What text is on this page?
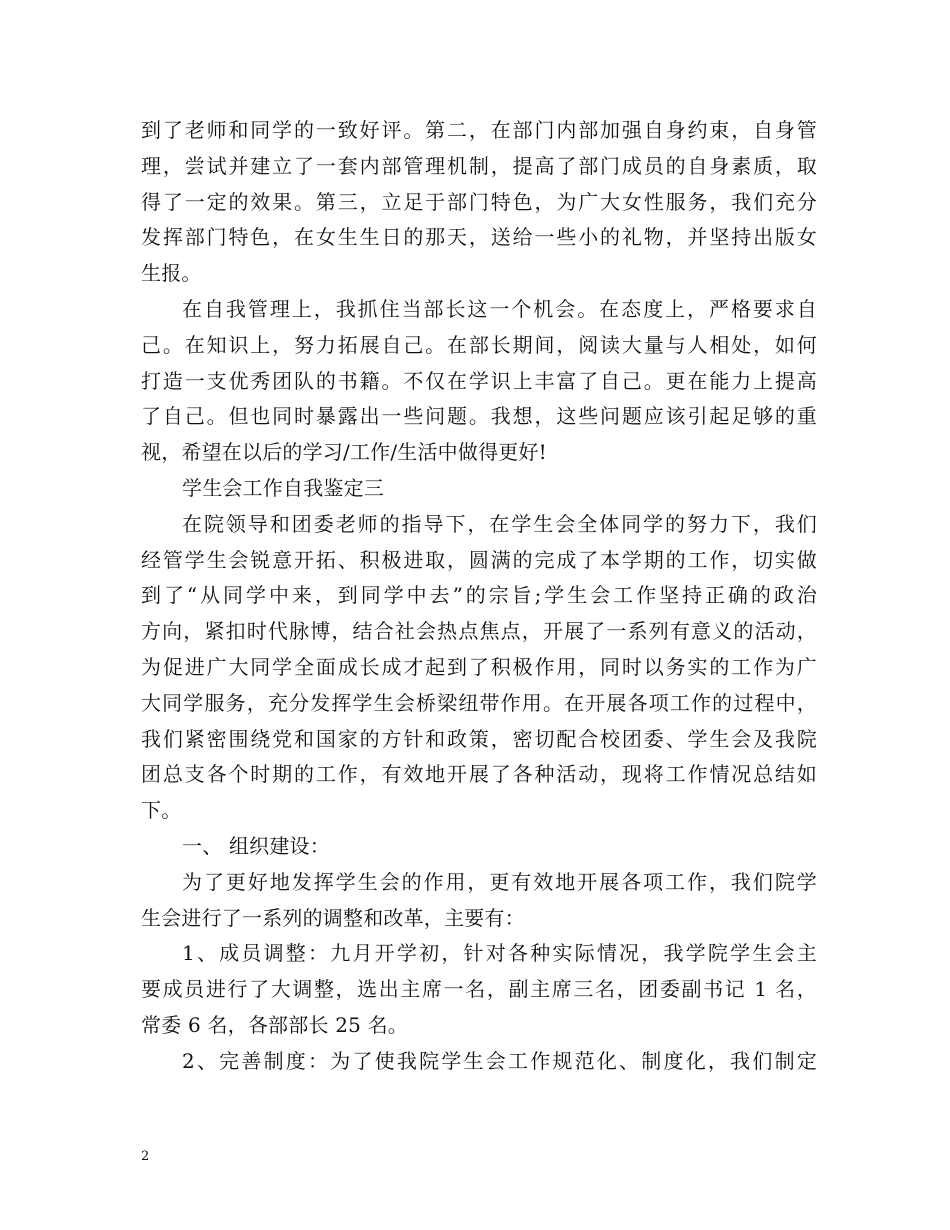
到了老师和同学的一致好评。第二，在部门内部加强自身约束，自身管
理，尝试并建立了一套内部管理机制，提高了部门成员的自身素质，取
得了一定的效果。第三，立足于部门特色，为广大女性服务，我们充分
发挥部门特色，在女生生日的那天，送给一些小的礼物，并坚持出版女
生报。
在自我管理上，我抓住当部长这一个机会。在态度上，严格要求自
己。在知识上，努力拓展自己。在部长期间，阅读大量与人相处，如何
打造一支优秀团队的书籍。不仅在学识上丰富了自己。更在能力上提高
了自己。但也同时暴露出一些问题。我想，这些问题应该引起足够的重
视，希望在以后的学习/工作/生活中做得更好!
学生会工作自我鉴定三
在院领导和团委老师的指导下，在学生会全体同学的努力下，我们
经管学生会锐意开拓、积极进取，圆满的完成了本学期的工作，切实做
到了“从同学中来，到同学中去”的宗旨;学生会工作坚持正确的政治
方向，紧扣时代脉博，结合社会热点焦点，开展了一系列有意义的活动，
为促进广大同学全面成长成才起到了积极作用，同时以务实的工作为广
大同学服务，充分发挥学生会桥梁纽带作用。在开展各项工作的过程中，
我们紧密围绕党和国家的方针和政策，密切配合校团委、学生会及我院
团总支各个时期的工作，有效地开展了各种活动，现将工作情况总结如
下。
一、 组织建设：
为了更好地发挥学生会的作用，更有效地开展各项工作，我们院学
生会进行了一系列的调整和改革，主要有：
1、成员调整：九月开学初，针对各种实际情况，我学院学生会主
要成员进行了大调整，选出主席一名，副主席三名，团委副书记 1 名，
常委 6 名，各部部长 25 名。
2、完善制度：为了使我院学生会工作规范化、制度化，我们制定
2
